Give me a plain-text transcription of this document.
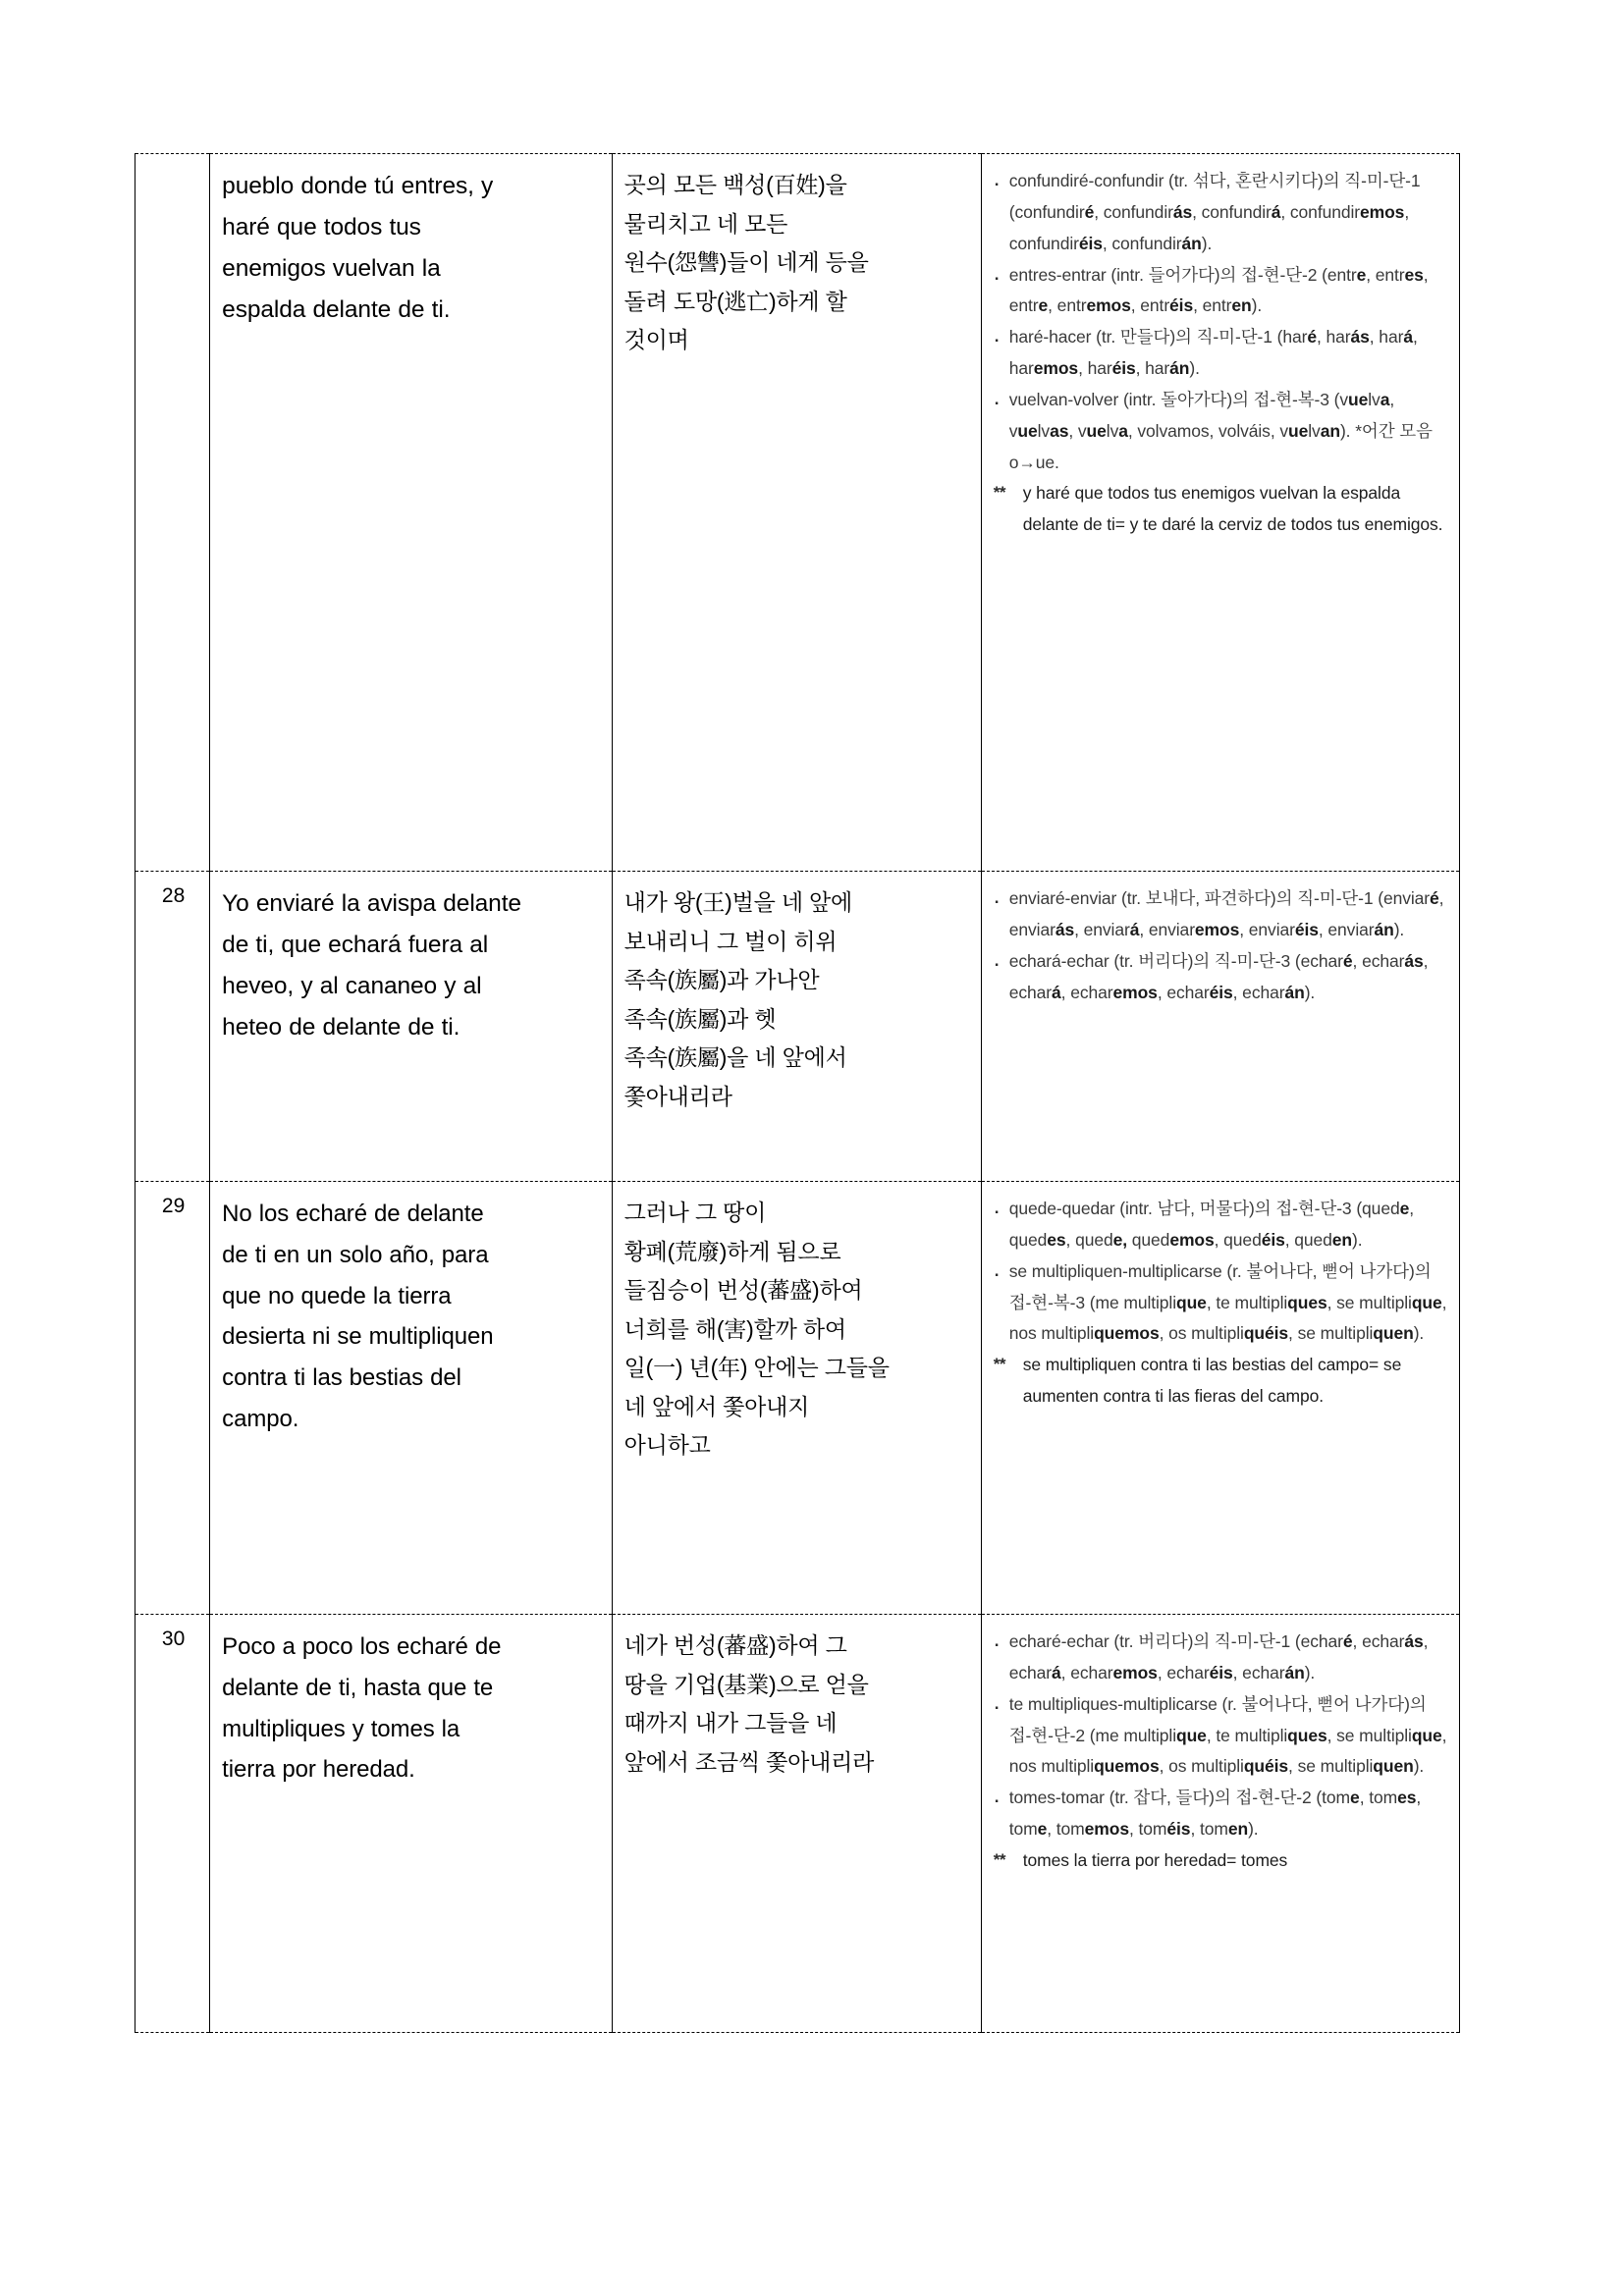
pueblo donde tú entres, y
haré que todos tus
enemigos vuelvan la
espalda delante de ti.

곳의 모든 백성(百姓)을
물리치고 네 모든
원수(怨讐)들이 네게 등을
돌려 도망(逃亡)하게 할
것이며

. confundiré-confundir (tr. 섞다, 혼란시키다)의 직-미-단-1 (confundiré, confundirás, confundirá, confundiremos, confundiréis, confundirán).
. entres-entrar (intr. 들어가다)의 접-현-단-2 (entre, entres, entre, entremos, entréis, entren).
. haré-hacer (tr. 만들다)의 직-미-단-1 (haré, harás, hará, haremos, haréis, harán).
. vuelvan-volver (intr. 돌아가다)의 접-현-복-3 (vuelva, vuelvas, vuelva, volvamos, volváis, vuelvan). *어간 모음 o→ue.
** y haré que todos tus enemigos vuelvan la espalda delante de ti= y te daré la cerviz de todos tus enemigos.

28	Yo enviaré la avispa delante
de ti, que echará fuera al
heveo, y al cananeo y al
heteo de delante de ti.

내가 왕(王)벌을 네 앞에
보내리니 그 벌이 히위
족속(族屬)과 가나안
족속(族屬)과 헷
족속(族屬)을 네 앞에서
쫓아내리라

. enviaré-enviar (tr. 보내다, 파견하다)의 직-미-단-1 (enviaré, enviarás, enviará, enviaremos, enviaréis, enviarán).
. echará-echar (tr. 버리다)의 직-미-단-3 (echaré, echarás, echará, echaremos, echaréis, echarán).

29	No los echaré de delante
de ti en un solo año, para
que no quede la tierra
desierta ni se multipliquen
contra ti las bestias del
campo.

그러나 그 땅이
황폐(荒廢)하게 됨으로
들짐승이 번성(蕃盛)하여
너희를 해(害)할까 하여
일(一) 년(年) 안에는 그들을
네 앞에서 쫓아내지
아니하고

. quede-quedar (intr. 남다, 머물다)의 접-현-단-3 (quede, quedes, quede, quedemos, quedéis, queden).
. se multipliquen-multiplicarse (r. 불어나다, 뻗어 나가다)의 접-현-복-3 (me multiplique, te multipliques, se multiplique, nos multipliquemos, os multipliquéis, se multipliquen).
** se multipliquen contra ti las bestias del campo= se aumenten contra ti las fieras del campo.

30	Poco a poco los echaré de
delante de ti, hasta que te
multipliques y tomes la
tierra por heredad.

네가 번성(蕃盛)하여 그
땅을 기업(基業)으로 얻을
때까지 내가 그들을 네
앞에서 조금씩 쫓아내리라

. echaré-echar (tr. 버리다)의 직-미-단-1 (echaré, echarás, echará, echaremos, echaréis, echarán).
. te multipliques-multiplicarse (r. 불어나다, 뻗어 나가다)의 접-현-단-2 (me multiplique, te multipliques, se multiplique, nos multipliquemos, os multipliquéis, se multipliquen).
. tomes-tomar (tr. 잡다, 들다)의 접-현-단-2 (tome, tomes, tome, tomemos, toméis, tomen).
** tomes la tierra por heredad= tomes
